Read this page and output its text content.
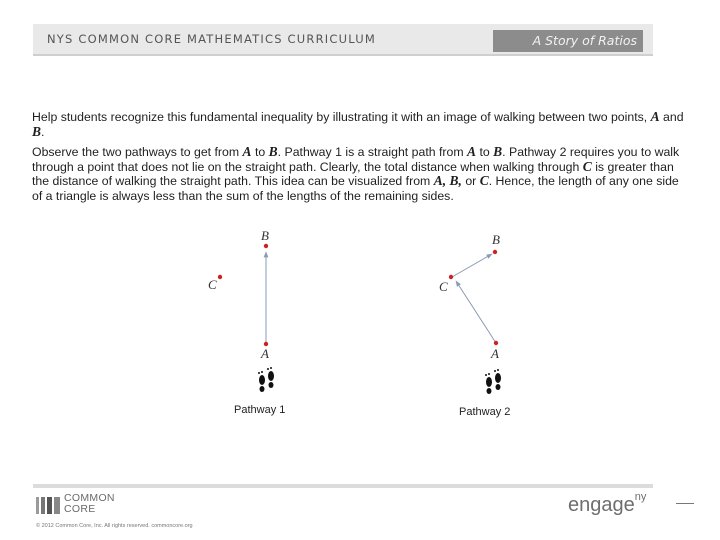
NYS COMMON CORE MATHEMATICS CURRICULUM	A Story of Ratios

Help students recognize this fundamental inequality by illustrating it with an image of walking between two points, A and B.

Observe the two pathways to get from A to B. Pathway 1 is a straight path from A to B. Pathway 2 requires you to walk through a point that does not lie on the straight path. Clearly, the total distance when walking through C is greater than the distance of walking the straight path. This idea can be visualized from A, B, or C. Hence, the length of any one side of a triangle is always less than the sum of the lengths of the remaining sides.

B
A
C
B
A
C
Pathway 1	Pathway 2
COMMON
CORE
© 2012 Common Core, Inc. All rights reserved. commoncore.org
engage$^{ny}$
